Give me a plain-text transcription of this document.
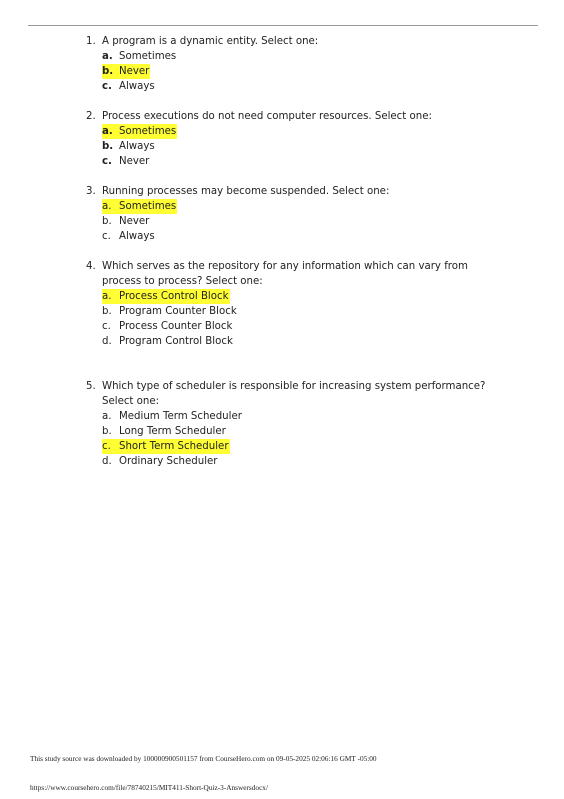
1. A program is a dynamic entity. Select one:
a. Sometimes
b. Never
c. Always
2. Process executions do not need computer resources. Select one:
a. Sometimes
b. Always
c. Never
3. Running processes may become suspended. Select one:
a. Sometimes
b. Never
c. Always
4. Which serves as the repository for any information which can vary from process to process? Select one:
a. Process Control Block
b. Program Counter Block
c. Process Counter Block
d. Program Control Block
5. Which type of scheduler is responsible for increasing system performance? Select one:
a. Medium Term Scheduler
b. Long Term Scheduler
c. Short Term Scheduler
d. Ordinary Scheduler
This study source was downloaded by 100000900501157 from CourseHero.com on 09-05-2025 02:06:16 GMT -05:00
https://www.coursehero.com/file/78740215/MIT411-Short-Quiz-3-Answersdocx/
